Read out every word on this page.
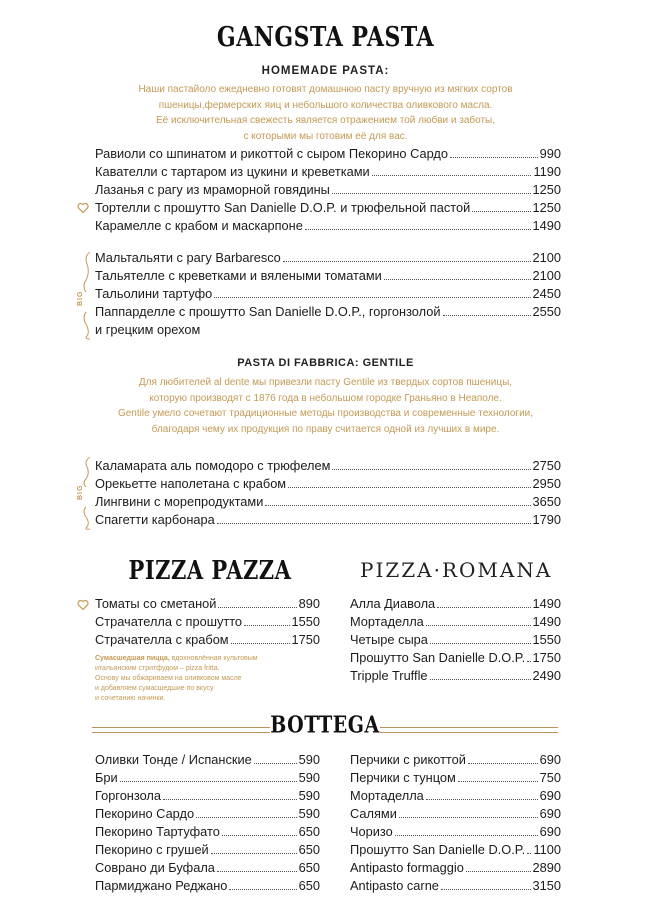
GANGSTA PASTA
HOMEMADE PASTA:
Наши пастайоло ежедневно готовят домашнюю пасту вручную из мягких сортов
пшеницы,фермерских яиц и небольшого количества оливкового масла.
Её исключительная свежесть является отражением той любви и заботы,
с которыми мы готовим её для вас.
Равиоли со шпинатом и рикоттой с сыром Пекорино Сардо	990
Кавателли с тартаром из цукини и креветками	1190
Лазанья с рагу из мраморной говядины	1250
Тортелли с прошутто San Danielle D.O.P. и трюфельной пастой	1250
Карамелле с крабом и маскарпоне	1490
BIG
Мальтальяти с рагу Barbaresco	2100
Тальятелле с креветками и вялеными томатами	2100
Тальолини тартуфо	2450
Паппарделле с прошутто San Danielle D.O.P., горгонзолой	2550
и грецким орехом
PASTA DI FABBRICA: GENTILE
Для любителей al dente мы привезли пасту Gentile из твердых сортов пшеницы,
которую производят с 1876 года в небольшом городке Граньяно в Неаполе.
Gentile умело сочетают традиционные методы производства и современные технологии,
благодаря чему их продукция по праву считается одной из лучших в мире.
BIG
Каламарата аль помодоро с трюфелем	2750
Орекьетте наполетана с крабом	2950
Лингвини с морепродуктами	3650
Спагетти карбонара	1790
PIZZA PAZZA	PIZZA·ROMANA
Томаты со сметаной	890
Страчателла с прошутто	1550
Страчателла с крабом	1750
Сумасшедшая пицца, вдохновлённая культовым
итальянским стритфудом – pizza fritta.
Основу мы обжариваем на оливковом масле
и добавляем сумасшедшие по вкусу
и сочетанию начинки.
Алла Диавола	1490
Мортаделла	1490
Четыре сыра	1550
Прошутто San Danielle D.O.P. 1750
Tripple Truffle	2490
BOTTEGA
Оливки Тонде / Испанские	590
Бри	590
Горгонзола	590
Пекорино Сардо	590
Пекорино Тартуфато	650
Пекорино с грушей	650
Соврано ди Буфала	650
Пармиджано Реджано	650
Перчики с рикоттой	690
Перчики с тунцом	750
Мортаделла	690
Салями	690
Чоризо	690
Прошутто San Danielle D.O.P. 1100
Antipasto formaggio	2890
Antipasto carne	3150
